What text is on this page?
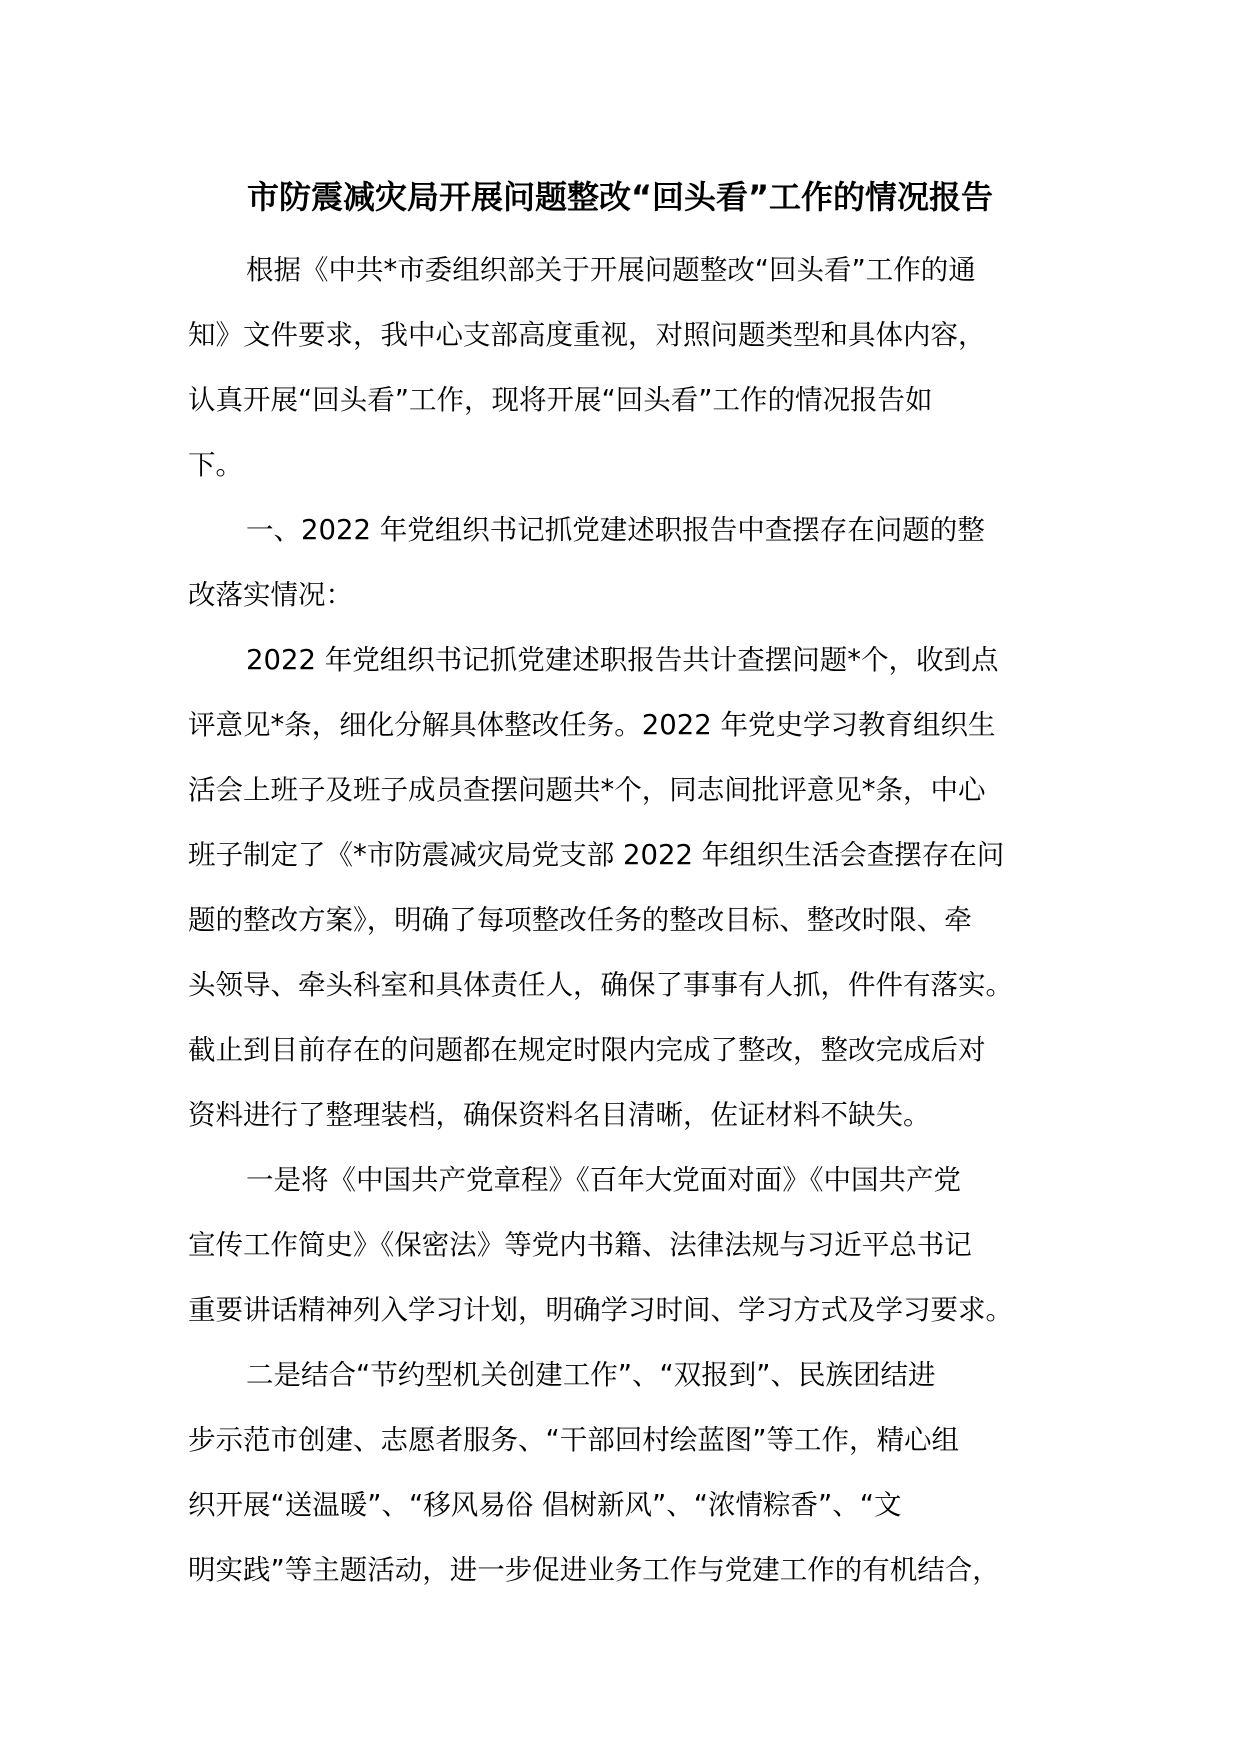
市防震减灾局开展问题整改“回头看”工作的情况报告
根据《中共*市委组织部关于开展问题整改“回头看”工作的通
知》文件要求，我中心支部高度重视，对照问题类型和具体内容，
认真开展“回头看”工作，现将开展“回头看”工作的情况报告如
下。
一、2022 年党组织书记抓党建述职报告中查摆存在问题的整
改落实情况：
2022 年党组织书记抓党建述职报告共计查摆问题*个，收到点
评意见*条，细化分解具体整改任务。2022 年党史学习教育组织生
活会上班子及班子成员查摆问题共*个，同志间批评意见*条，中心
班子制定了《*市防震减灾局党支部 2022 年组织生活会查摆存在问
题的整改方案》，明确了每项整改任务的整改目标、整改时限、牵
头领导、牵头科室和具体责任人，确保了事事有人抓，件件有落实。
截止到目前存在的问题都在规定时限内完成了整改，整改完成后对
资料进行了整理装档，确保资料名目清晰，佐证材料不缺失。
一是将《中国共产党章程》《百年大党面对面》《中国共产党
宣传工作简史》《保密法》等党内书籍、法律法规与习近平总书记
重要讲话精神列入学习计划，明确学习时间、学习方式及学习要求。
二是结合“节约型机关创建工作”、“双报到”、民族团结进
步示范市创建、志愿者服务、“干部回村绘蓝图”等工作，精心组
织开展“送温暖”、“移风易俗 倡树新风”、“浓情粽香”、“文
明实践”等主题活动，进一步促进业务工作与党建工作的有机结合，
